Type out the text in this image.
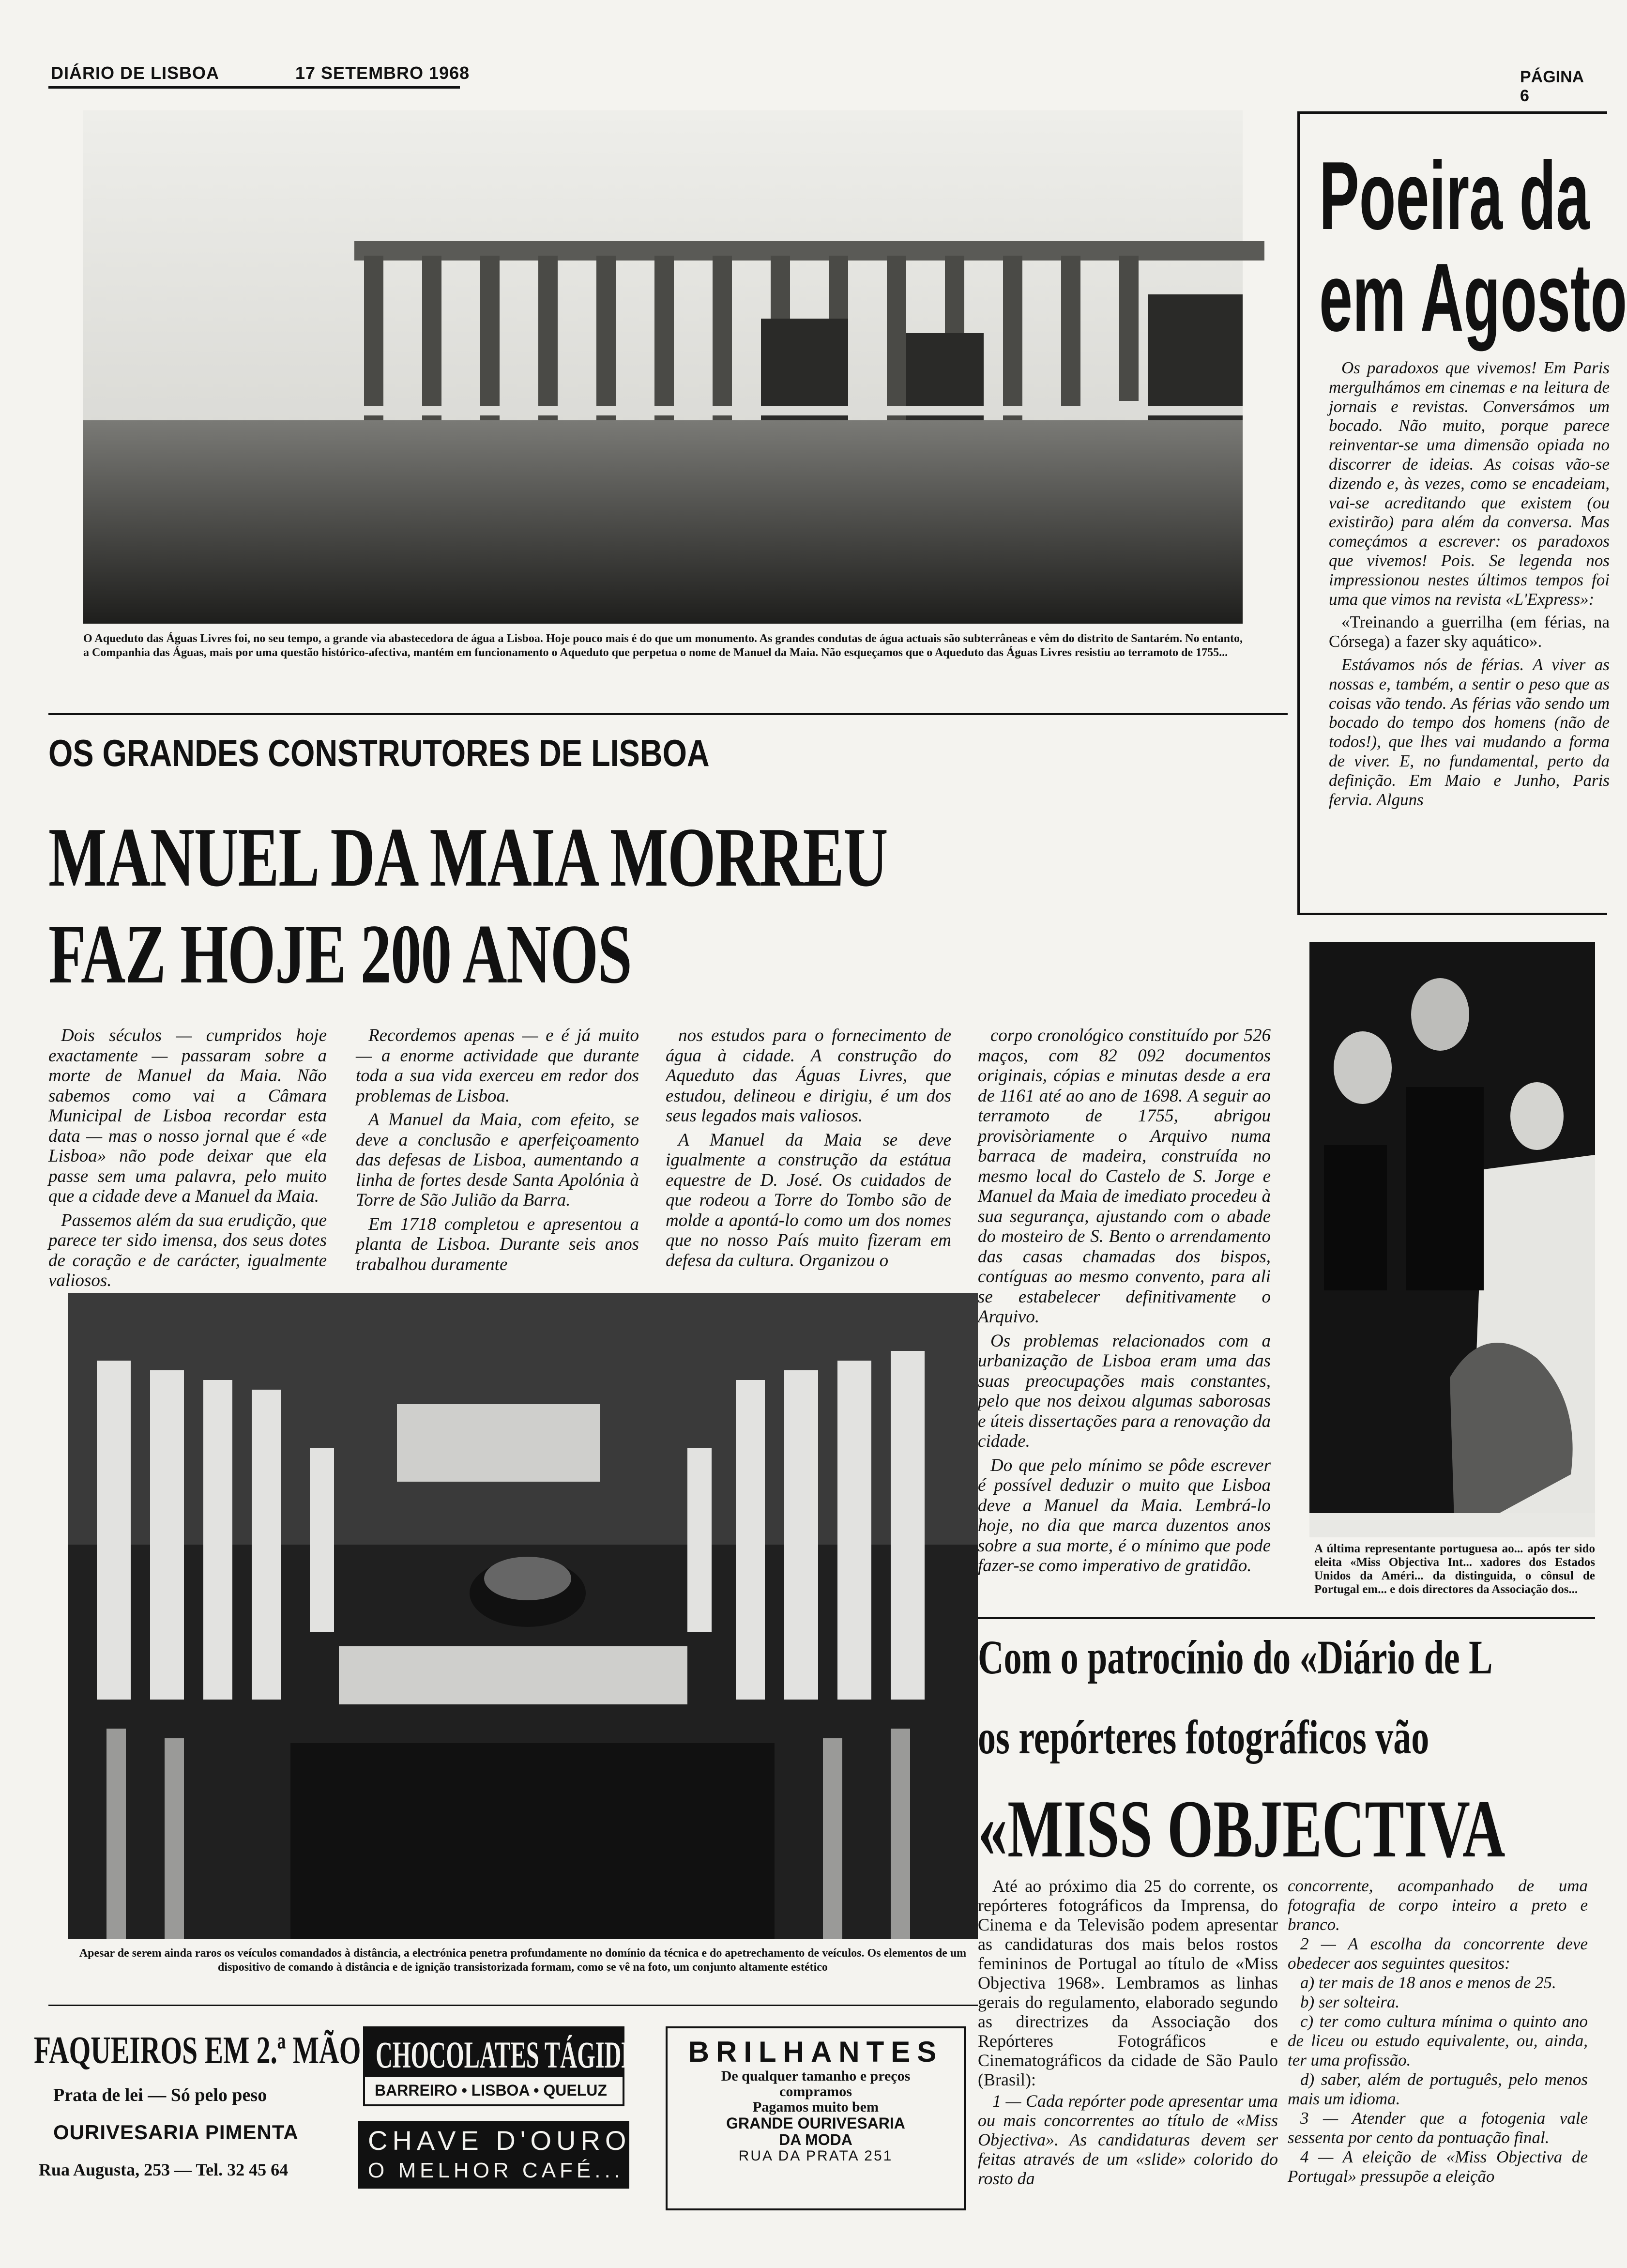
DIÁRIO DE LISBOA	17 SETEMBRO 1968	PÁGINA 6
O Aqueduto das Águas Livres foi, no seu tempo, a grande via abastecedora de água a Lisboa. Hoje pouco mais é do que um monumento. As grandes condutas de água actuais são subterrâneas e vêm do distrito de Santarém. No entanto, a Companhia das Águas, mais por uma questão histórico-afectiva, mantém em funcionamento o Aqueduto que perpetua o nome de Manuel da Maia. Não esqueçamos que o Aqueduto das Águas Livres resistiu ao terramoto de 1755...
OS GRANDES CONSTRUTORES DE LISBOA
MANUEL DA MAIA MORREU
FAZ HOJE 200 ANOS

Dois séculos — cumpridos hoje exactamente — passaram sobre a morte de Manuel da Maia. Não sabemos como vai a Câmara Municipal de Lisboa recordar esta data — mas o nosso jornal que é «de Lisboa» não pode deixar que ela passe sem uma palavra, pelo muito que a cidade deve a Manuel da Maia.

Passemos além da sua erudição, que parece ter sido imensa, dos seus dotes de coração e de carácter, igualmente valiosos.

Recordemos apenas — e é já muito — a enorme actividade que durante toda a sua vida exerceu em redor dos problemas de Lisboa.

A Manuel da Maia, com efeito, se deve a conclusão e aperfeiçoamento das defesas de Lisboa, aumentando a linha de fortes desde Santa Apolónia à Torre de São Julião da Barra.

Em 1718 completou e apresentou a planta de Lisboa. Durante seis anos trabalhou duramente

nos estudos para o fornecimento de água à cidade. A construção do Aqueduto das Águas Livres, que estudou, delineou e dirigiu, é um dos seus legados mais valiosos.

A Manuel da Maia se deve igualmente a construção da estátua equestre de D. José. Os cuidados de que rodeou a Torre do Tombo são de molde a apontá-lo como um dos nomes que no nosso País muito fizeram em defesa da cultura. Organizou o

corpo cronológico constituído por 526 maços, com 82 092 documentos originais, cópias e minutas desde a era de 1161 até ao ano de 1698. A seguir ao terramoto de 1755, abrigou provisòriamente o Arquivo numa barraca de madeira, construída no mesmo local do Castelo de S. Jorge e Manuel da Maia de imediato procedeu à sua segurança, ajustando com o abade do mosteiro de S. Bento o arrendamento das casas chamadas dos bispos, contíguas ao mesmo convento, para ali se estabelecer definitivamente o Arquivo.

Os problemas relacionados com a urbanização de Lisboa eram uma das suas preocupações mais constantes, pelo que nos deixou algumas saborosas e úteis dissertações para a renovação da cidade.

Do que pelo mínimo se pôde escrever é possível deduzir o muito que Lisboa deve a Manuel da Maia. Lembrá-lo hoje, no dia que marca duzentos anos sobre a sua morte, é o mínimo que pode fazer-se como imperativo de gratidão.

Apesar de serem ainda raros os veículos comandados à distância, a electrónica penetra profundamente no domínio da técnica e do apetrechamento de veículos. Os elementos de um dispositivo de comando à distância e de ignição transistorizada formam, como se vê na foto, um conjunto altamente estético
Poeira da
em Agosto

Os paradoxos que vivemos! Em Paris mergulhámos em cinemas e na leitura de jornais e revistas. Conversámos um bocado. Não muito, porque parece reinventar-se uma dimensão opiada no discorrer de ideias. As coisas vão-se dizendo e, às vezes, como se encadeiam, vai-se acreditando que existem (ou existirão) para além da conversa. Mas começámos a escrever: os paradoxos que vivemos! Pois. Se legenda nos impressionou nestes últimos tempos foi uma que vimos na revista «L'Express»:

«Treinando a guerrilha (em férias, na Córsega) a fazer sky aquático».

Estávamos nós de férias. A viver as nossas e, também, a sentir o peso que as coisas vão tendo. As férias vão sendo um bocado do tempo dos homens (não de todos!), que lhes vai mudando a forma de viver. E, no fundamental, perto da definição. Em Maio e Junho, Paris fervia. Alguns

A última representante portuguesa ao... após ter sido eleita «Miss Objectiva Int... xadores dos Estados Unidos da Améri... da distinguida, o cônsul de Portugal em... e dois directores da Associação dos...
Com o patrocínio do «Diário de L
os repórteres fotográficos vão
«MISS OBJECTIVA
Até ao próximo dia 25 do corrente, os repórteres fotográficos da Imprensa, do Cinema e da Televisão podem apresentar as candidaturas dos mais belos rostos femininos de Portugal ao título de «Miss Objectiva 1968». Lembramos as linhas gerais do regulamento, elaborado segundo as directrizes da Associação dos Repórteres Fotográficos e Cinematográficos da cidade de São Paulo (Brasil):
1 — Cada repórter pode apresentar uma ou mais concorrentes ao título de «Miss Objectiva». As candidaturas devem ser feitas através de um «slide» colorido do rosto da

concorrente, acompanhado de uma fotografia de corpo inteiro a preto e branco.

2 — A escolha da concorrente deve obedecer aos seguintes quesitos:

a) ter mais de 18 anos e menos de 25.

b) ser solteira.

c) ter como cultura mínima o quinto ano de liceu ou estudo equivalente, ou, ainda, ter uma profissão.

d) saber, além de português, pelo menos mais um idioma.

3 — Atender que a fotogenia vale sessenta por cento da pontuação final.

4 — A eleição de «Miss Objectiva de Portugal» pressupõe a eleição

FAQUEIROS EM 2.ª MÃO
Prata de lei — Só pelo peso
OURIVESARIA PIMENTA
Rua Augusta, 253 — Tel. 32 45 64
CHOCOLATES TÁGIDES
BARREIRO • LISBOA • QUELUZ
CHAVE D'OURO
O MELHOR CAFÉ...
BRILHANTES
De qualquer tamanho e preços
compramos
Pagamos muito bem
GRANDE OURIVESARIA
DA MODA
RUA DA PRATA 251
